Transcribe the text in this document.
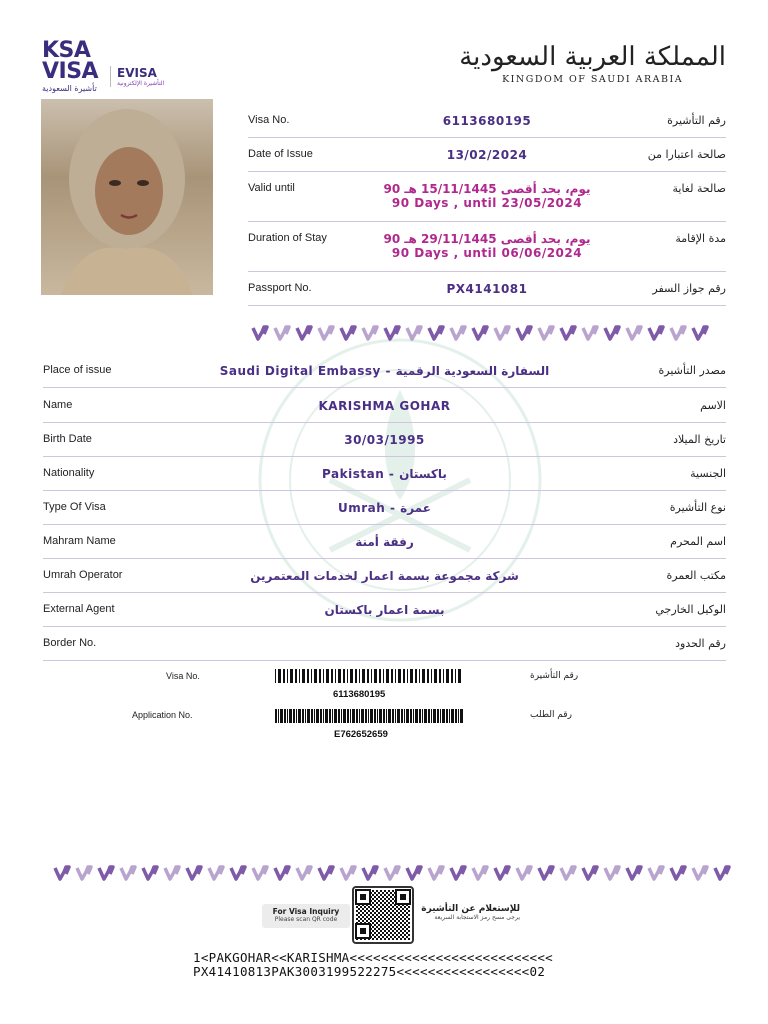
KSA
VISA
تأشيرة السعودية
EVISA
التأشيرة الإلكترونية
المملكة العربية السعودية
KINGDOM OF SAUDI ARABIA
Visa No.	6113680195	رقم التأشيرة
Date of Issue	13/02/2024	صالحة اعتبارا من
Valid until	90 يوم، بحد أقصى 15/11/1445 هـ
90 Days , until 23/05/2024
صالحة لغاية
Duration of Stay	90 يوم، بحد أقصى 29/11/1445 هـ
90 Days , until 06/06/2024
مدة الإقامة
Passport No.	PX4141081	رقم جواز السفر
Place of issue	Saudi Digital Embassy - السفارة السعودية الرقمية	مصدر التأشيرة
Name	KARISHMA GOHAR	الاسم
Birth Date	30/03/1995	تاريخ الميلاد
Nationality	Pakistan - باكستان	الجنسية
Type Of Visa	Umrah - عمرة	نوع التأشيرة
Mahram Name	رفقة أمنة	اسم المحرم
Umrah Operator	شركة مجموعة بسمة اعمار لخدمات المعتمرين	مكتب العمرة
External Agent	بسمة اعمار باكستان	الوكيل الخارجي
Border No.	رقم الحدود
Visa No.	رقم التأشيرة
6113680195
Application No.	رقم الطلب
E762652659
For Visa Inquiry
Please scan QR code
للإستعلام عن التأشيرة
يرجى مسح رمز الاستجابة السريعة
1<PAKGOHAR<<KARISHMA<<<<<<<<<<<<<<<<<<<<<<<<<<
PX41410813PAK3003199522275<<<<<<<<<<<<<<<<<02
